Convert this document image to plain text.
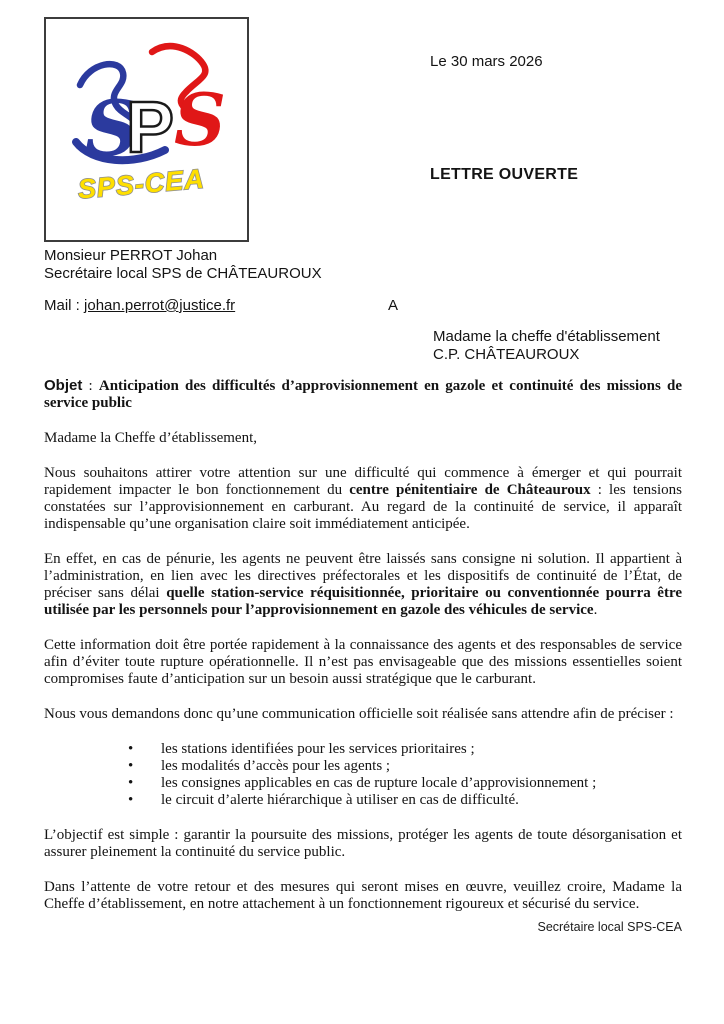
S
P S
SPS-CEA
Le 30 mars 2026
LETTRE OUVERTE
Monsieur PERROT Johan
Secrétaire local SPS de CHÂTEAUROUX
Mail : johan.perrot@justice.fr	A
Madame la cheffe d'établissement
C.P. CHÂTEAUROUX

Objet : Anticipation des difficultés d’approvisionnement en gazole et continuité des missions de service public

Madame la Cheffe d’établissement,

Nous souhaitons attirer votre attention sur une difficulté qui commence à émerger et qui pourrait rapidement impacter le bon fonctionnement du centre pénitentiaire de Châteauroux : les tensions constatées sur l’approvisionnement en carburant. Au regard de la continuité de service, il apparaît indispensable qu’une organisation claire soit immédiatement anticipée.

En effet, en cas de pénurie, les agents ne peuvent être laissés sans consigne ni solution. Il appartient à l’administration, en lien avec les directives préfectorales et les dispositifs de continuité de l’État, de préciser sans délai quelle station-service réquisitionnée, prioritaire ou conventionnée pourra être utilisée par les personnels pour l’approvisionnement en gazole des véhicules de service.

Cette information doit être portée rapidement à la connaissance des agents et des responsables de service afin d’éviter toute rupture opérationnelle. Il n’est pas envisageable que des missions essentielles soient compromises faute d’anticipation sur un besoin aussi stratégique que le carburant.

Nous vous demandons donc qu’une communication officielle soit réalisée sans attendre afin de préciser :

• les stations identifiées pour les services prioritaires ;
• les modalités d’accès pour les agents ;
• les consignes applicables en cas de rupture locale d’approvisionnement ;
• le circuit d’alerte hiérarchique à utiliser en cas de difficulté.

L’objectif est simple : garantir la poursuite des missions, protéger les agents de toute désorganisation et assurer pleinement la continuité du service public.

Dans l’attente de votre retour et des mesures qui seront mises en œuvre, veuillez croire, Madame la Cheffe d’établissement, en notre attachement à un fonctionnement rigoureux et sécurisé du service.

Secrétaire local SPS-CEA
